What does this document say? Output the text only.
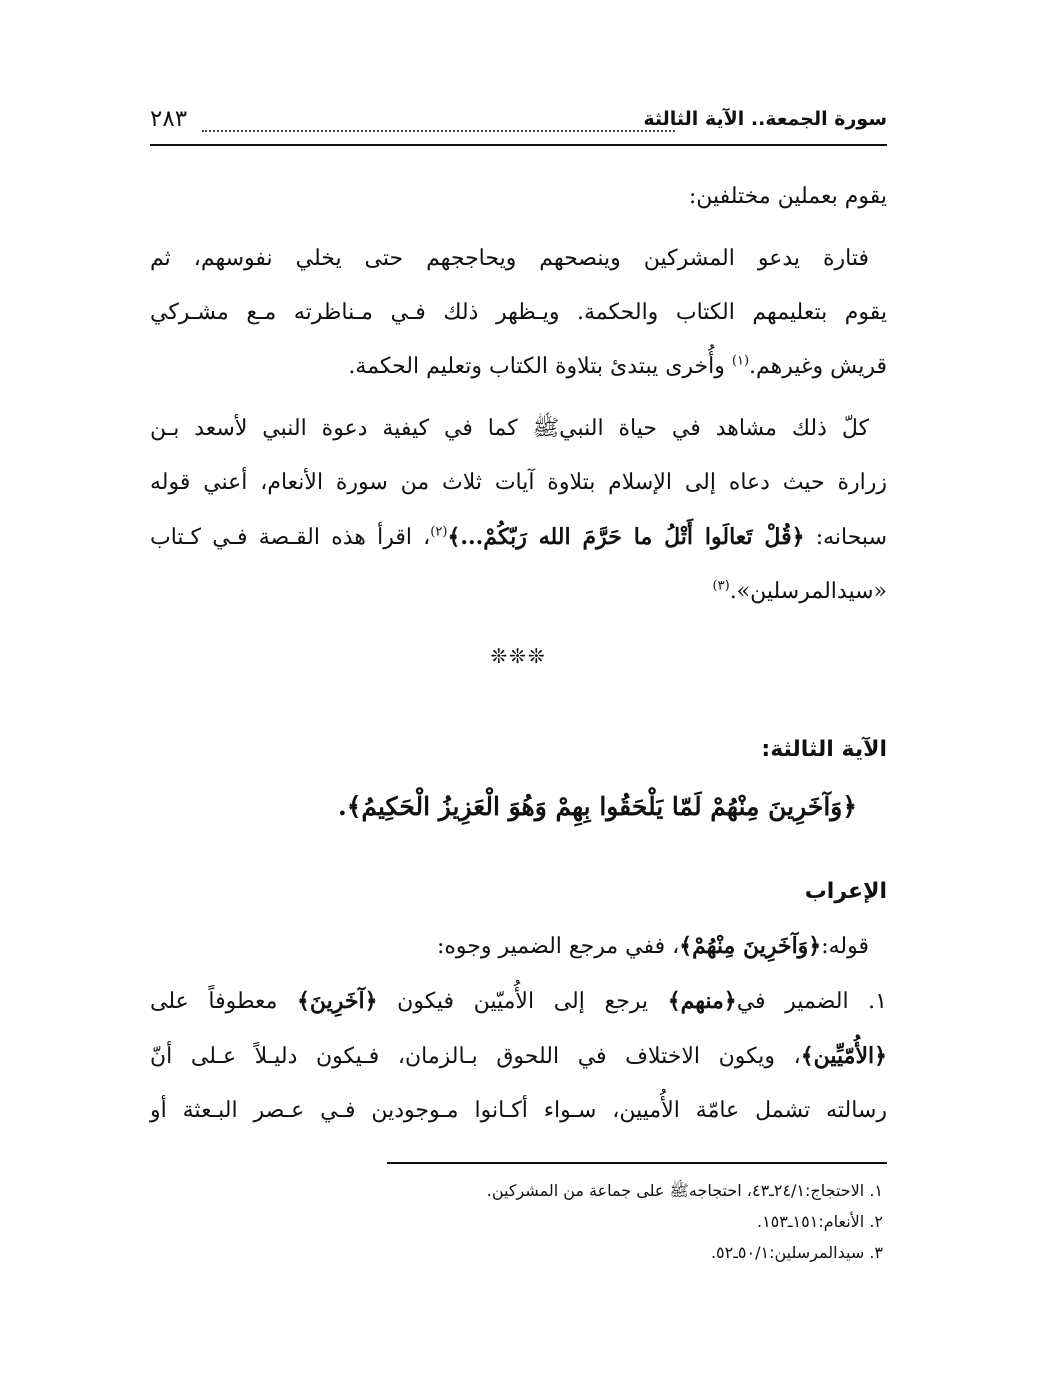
سورة الجمعة.. الآية الثالثة
٢٨٣
يقوم بعملين مختلفين:
فتارة يدعو المشركين وينصحهم ويحاججهم حتى يخلي نفوسهم، ثم
يقوم بتعليمهم الكتاب والحكمة. ويـظهر ذلك فـي مـناظرته مـع مشـركي
قريش وغيرهم.$^{(١)}$ وأُخرى يبتدئ بتلاوة الكتاب وتعليم الحكمة.
كلّ ذلك مشاهد في حياة النبيﷺ كما في كيفية دعوة النبي لأسعد بـن
زرارة حيث دعاه إلى الإسلام بتلاوة آيات ثلاث من سورة الأنعام، أعني قوله
سبحانه: ﴿قُلْ تَعالَوا أَتْلُ ما حَرَّمَ الله رَبّكُمْ...﴾$^{(٢)}$، اقرأ هذه القـصة فـي كـتاب
«سيدالمرسلين».$^{(٣)}$
❊❊❊
الآية الثالثة:
﴿وَآخَرِينَ مِنْهُمْ لَمّا يَلْحَقُوا بِهِمْ وَهُوَ الْعَزِيزُ الْحَكِيمُ﴾.
الإعراب
قوله:﴿وَآخَرِينَ مِنْهُمْ﴾، ففي مرجع الضمير وجوه:
١. الضمير في﴿منهم﴾ يرجع إلى الأُميّين فيكون ﴿آخَرِينَ﴾ معطوفاً على
﴿الأُمّيِّين﴾، ويكون الاختلاف في اللحوق بـالزمان، فـيكون دليـلاً عـلى أنّ
رسالته تشمل عامّة الأُميين، سـواء أكـانوا مـوجودين فـي عـصر البـعثة أو
١. الاحتجاج:٢٤/١ـ٤٣، احتجاجهﷺ على جماعة من المشركين.
٢. الأنعام:١٥١ـ١٥٣.
٣. سيدالمرسلين:٥٠/١ـ٥٢.
